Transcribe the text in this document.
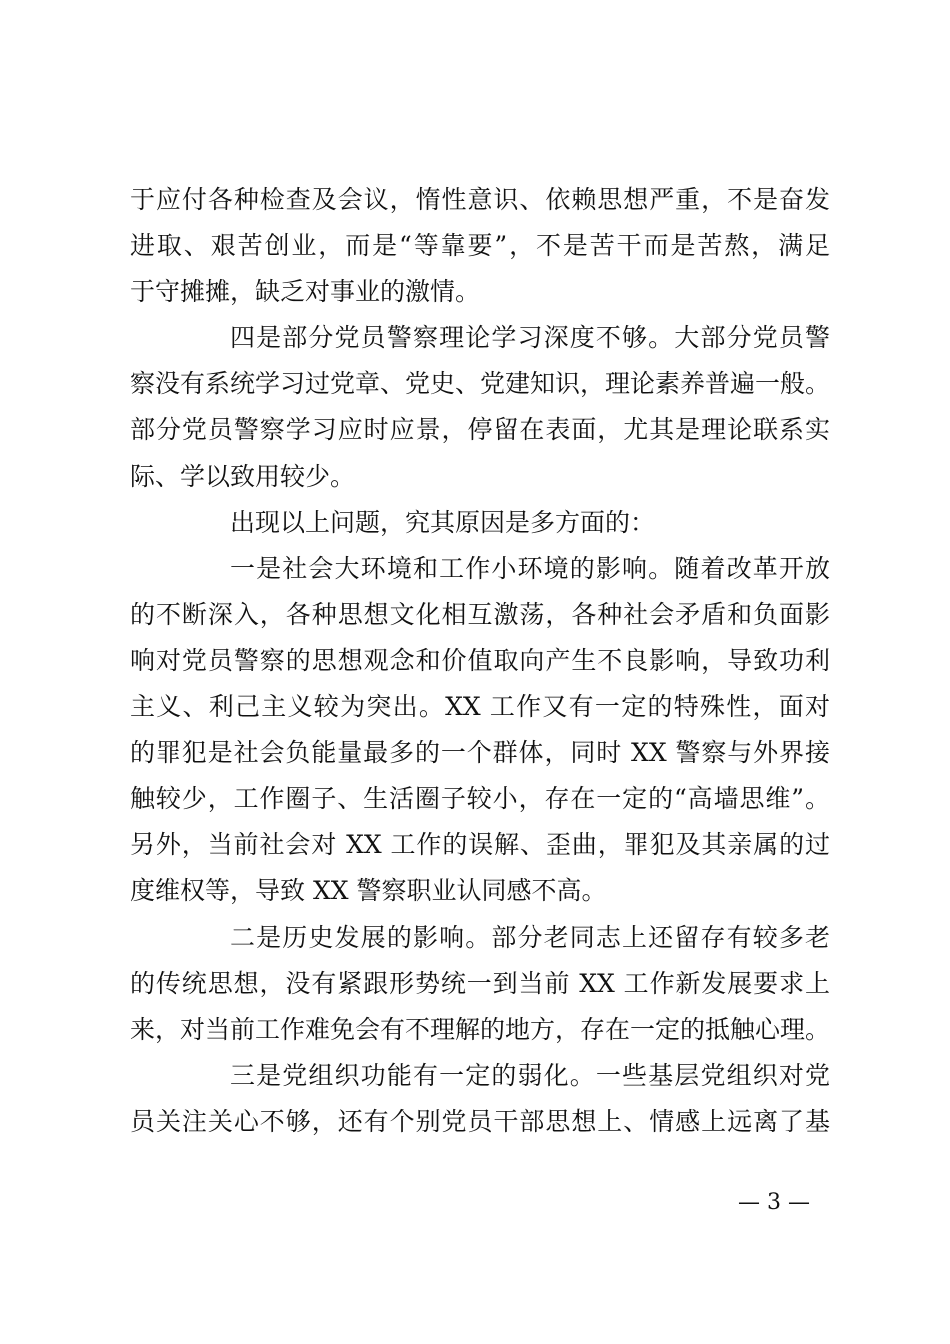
于应付各种检查及会议，惰性意识、依赖思想严重，不是奋发
进取、艰苦创业，而是“等靠要”，不是苦干而是苦熬，满足
于守摊摊，缺乏对事业的激情。
四是部分党员警察理论学习深度不够。大部分党员警
察没有系统学习过党章、党史、党建知识，理论素养普遍一般。
部分党员警察学习应时应景，停留在表面，尤其是理论联系实
际、学以致用较少。
出现以上问题，究其原因是多方面的：
一是社会大环境和工作小环境的影响。随着改革开放
的不断深入，各种思想文化相互激荡，各种社会矛盾和负面影
响对党员警察的思想观念和价值取向产生不良影响，导致功利
主义、利己主义较为突出。XX 工作又有一定的特殊性，面对
的罪犯是社会负能量最多的一个群体，同时 XX 警察与外界接
触较少，工作圈子、生活圈子较小，存在一定的“高墙思维”。
另外，当前社会对 XX 工作的误解、歪曲，罪犯及其亲属的过
度维权等，导致 XX 警察职业认同感不高。
二是历史发展的影响。部分老同志上还留存有较多老
的传统思想，没有紧跟形势统一到当前 XX 工作新发展要求上
来，对当前工作难免会有不理解的地方，存在一定的抵触心理。
三是党组织功能有一定的弱化。一些基层党组织对党
员关注关心不够，还有个别党员干部思想上、情感上远离了基
— 3 —
